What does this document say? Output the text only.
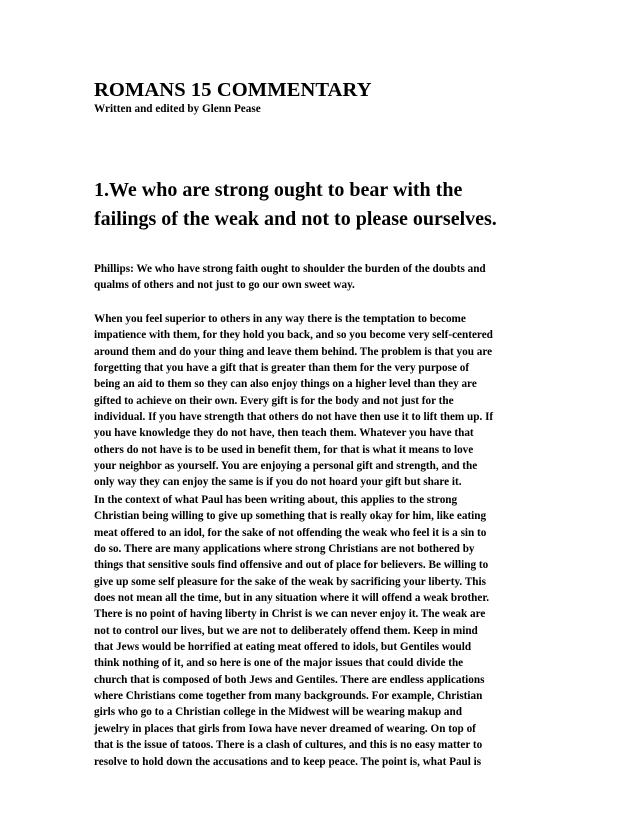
ROMANS 15 COMMENTARY

Written and edited by Glenn Pease

1.We who are strong ought to bear with the
failings of the weak and not to please ourselves.

Phillips: We who have strong faith ought to shoulder the burden of the doubts and
qualms of others and not just to go our own sweet way.

When you feel superior to others in any way there is the temptation to become
impatience with them, for they hold you back, and so you become very self-centered
around them and do your thing and leave them behind. The problem is that you are
forgetting that you have a gift that is greater than them for the very purpose of
being an aid to them so they can also enjoy things on a higher level than they are
gifted to achieve on their own. Every gift is for the body and not just for the
individual. If you have strength that others do not have then use it to lift them up. If
you have knowledge they do not have, then teach them. Whatever you have that
others do not have is to be used in benefit them, for that is what it means to love
your neighbor as yourself. You are enjoying a personal gift and strength, and the
only way they can enjoy the same is if you do not hoard your gift but share it.

In the context of what Paul has been writing about, this applies to the strong
Christian being willing to give up something that is really okay for him, like eating
meat offered to an idol, for the sake of not offending the weak who feel it is a sin to
do so. There are many applications where strong Christians are not bothered by
things that sensitive souls find offensive and out of place for believers. Be willing to
give up some self pleasure for the sake of the weak by sacrificing your liberty. This
does not mean all the time, but in any situation where it will offend a weak brother.
There is no point of having liberty in Christ is we can never enjoy it. The weak are
not to control our lives, but we are not to deliberately offend them. Keep in mind
that Jews would be horrified at eating meat offered to idols, but Gentiles would
think nothing of it, and so here is one of the major issues that could divide the
church that is composed of both Jews and Gentiles. There are endless applications
where Christians come together from many backgrounds. For example, Christian
girls who go to a Christian college in the Midwest will be wearing makup and
jewelry in places that girls from Iowa have never dreamed of wearing. On top of
that is the issue of tatoos. There is a clash of cultures, and this is no easy matter to
resolve to hold down the accusations and to keep peace. The point is, what Paul is
